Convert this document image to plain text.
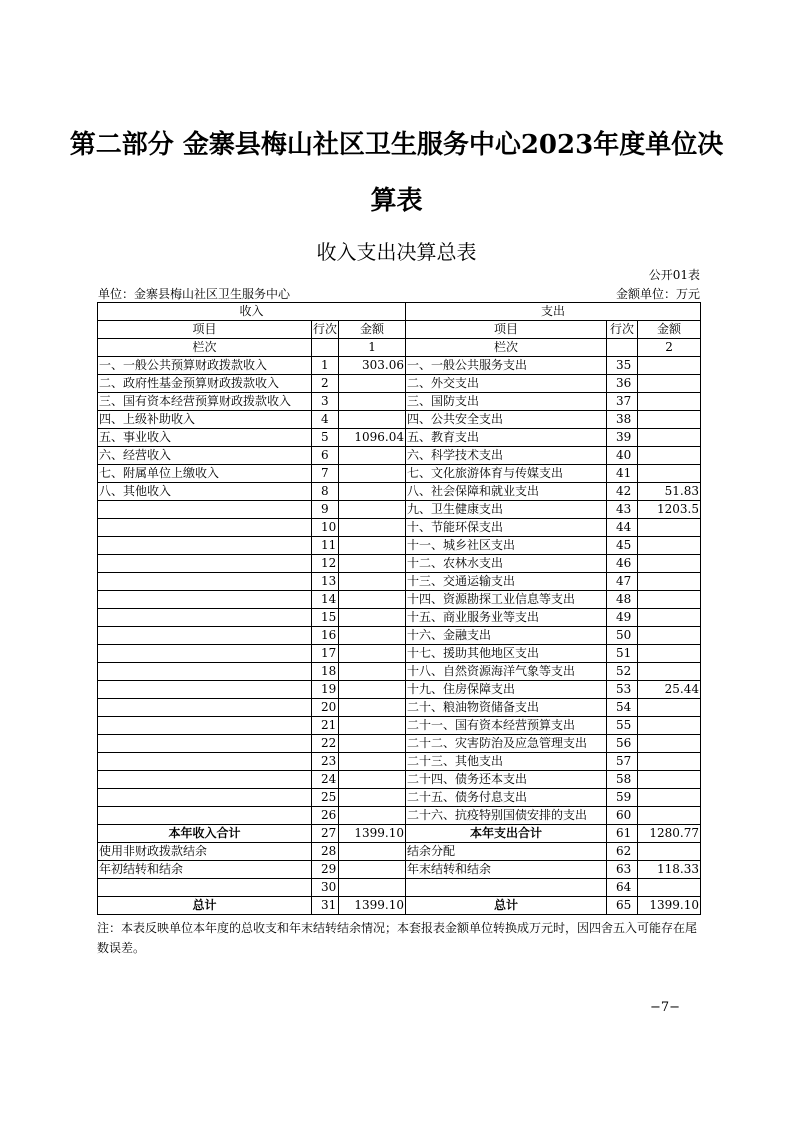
第二部分 金寨县梅山社区卫生服务中心2023年度单位决
算表
收入支出决算总表
公开01表
单位：金寨县梅山社区卫生服务中心	金额单位：万元
收入			支出		
项目	行次	金额	项目	行次	金额
栏次		1	栏次		2
一、一般公共预算财政拨款收入	1	303.06	一、一般公共服务支出	35	
二、政府性基金预算财政拨款收入	2		二、外交支出	36	
三、国有资本经营预算财政拨款收入	3		三、国防支出	37	
四、上级补助收入	4		四、公共安全支出	38	
五、事业收入	5	1096.04	五、教育支出	39	
六、经营收入	6		六、科学技术支出	40	
七、附属单位上缴收入	7		七、文化旅游体育与传媒支出	41	
八、其他收入	8		八、社会保障和就业支出	42	51.83
	9		九、卫生健康支出	43	1203.5
	10		十、节能环保支出	44	
	11		十一、城乡社区支出	45	
	12		十二、农林水支出	46	
	13		十三、交通运输支出	47	
	14		十四、资源勘探工业信息等支出	48	
	15		十五、商业服务业等支出	49	
	16		十六、金融支出	50	
	17		十七、援助其他地区支出	51	
	18		十八、自然资源海洋气象等支出	52	
	19		十九、住房保障支出	53	25.44
	20		二十、粮油物资储备支出	54	
	21		二十一、国有资本经营预算支出	55	
	22		二十二、灾害防治及应急管理支出	56	
	23		二十三、其他支出	57	
	24		二十四、债务还本支出	58	
	25		二十五、债务付息支出	59	
	26		二十六、抗疫特别国债安排的支出	60	
本年收入合计	27	1399.10	本年支出合计	61	1280.77
使用非财政拨款结余	28		结余分配	62	
年初结转和结余	29		年末结转和结余	63	118.33
	30			64	
总计	31	1399.10	总计	65	1399.10
注：本表反映单位本年度的总收支和年末结转结余情况；本套报表金额单位转换成万元时，因四舍五入可能存在尾数误差。
−7−
